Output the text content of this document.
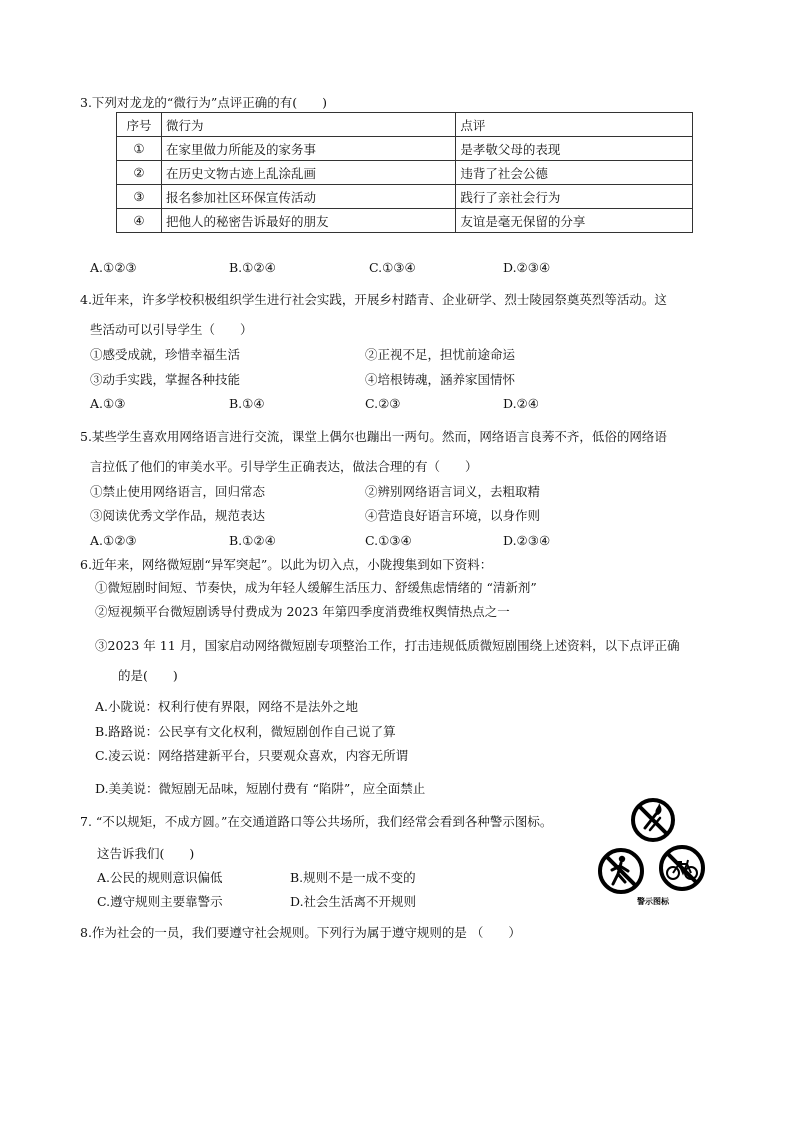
3.下列对龙龙的“微行为”点评正确的有(　　)
序号	微行为	点评
①	在家里做力所能及的家务事	是孝敬父母的表现
②	在历史文物古迹上乱涂乱画	违背了社会公德
③	报名参加社区环保宣传活动	践行了亲社会行为
④	把他人的秘密告诉最好的朋友	友谊是毫无保留的分享
A.①②③	B.①②④	C.①③④	D.②③④
4.近年来，许多学校积极组织学生进行社会实践，开展乡村踏青、企业研学、烈士陵园祭奠英烈等活动。这
些活动可以引导学生（　　）
①感受成就，珍惜幸福生活	②正视不足，担忧前途命运
③动手实践，掌握各种技能	④培根铸魂，涵养家国情怀
A.①③	B.①④	C.②③	D.②④
5.某些学生喜欢用网络语言进行交流，课堂上偶尔也蹦出一两句。然而，网络语言良莠不齐，低俗的网络语
言拉低了他们的审美水平。引导学生正确表达，做法合理的有（　　）
①禁止使用网络语言，回归常态	②辨别网络语言词义，去粗取精
③阅读优秀文学作品，规范表达	④营造良好语言环境，以身作则
A.①②③	B.①②④	C.①③④	D.②③④
6.近年来，网络微短剧“异军突起”。以此为切入点，小陇搜集到如下资料：
①微短剧时间短、节奏快，成为年轻人缓解生活压力、舒缓焦虑情绪的 “清新剂”
②短视频平台微短剧诱导付费成为 2023 年第四季度消费维权舆情热点之一
③2023 年 11 月，国家启动网络微短剧专项整治工作，打击违规低质微短剧围绕上述资料，以下点评正确
的是(　　)
A.小陇说：权利行使有界限，网络不是法外之地
B.路路说：公民享有文化权利，微短剧创作自己说了算
C.凌云说：网络搭建新平台，只要观众喜欢，内容无所谓
D.美美说：微短剧无品味，短剧付费有 “陷阱”，应全面禁止
7. “不以规矩，不成方圆。”在交通道路口等公共场所，我们经常会看到各种警示图标。
这告诉我们(　　)
A.公民的规则意识偏低	B.规则不是一成不变的
C.遵守规则主要靠警示	D.社会生活离不开规则	警示图标
8.作为社会的一员，我们要遵守社会规则。下列行为属于遵守规则的是 （　　）
